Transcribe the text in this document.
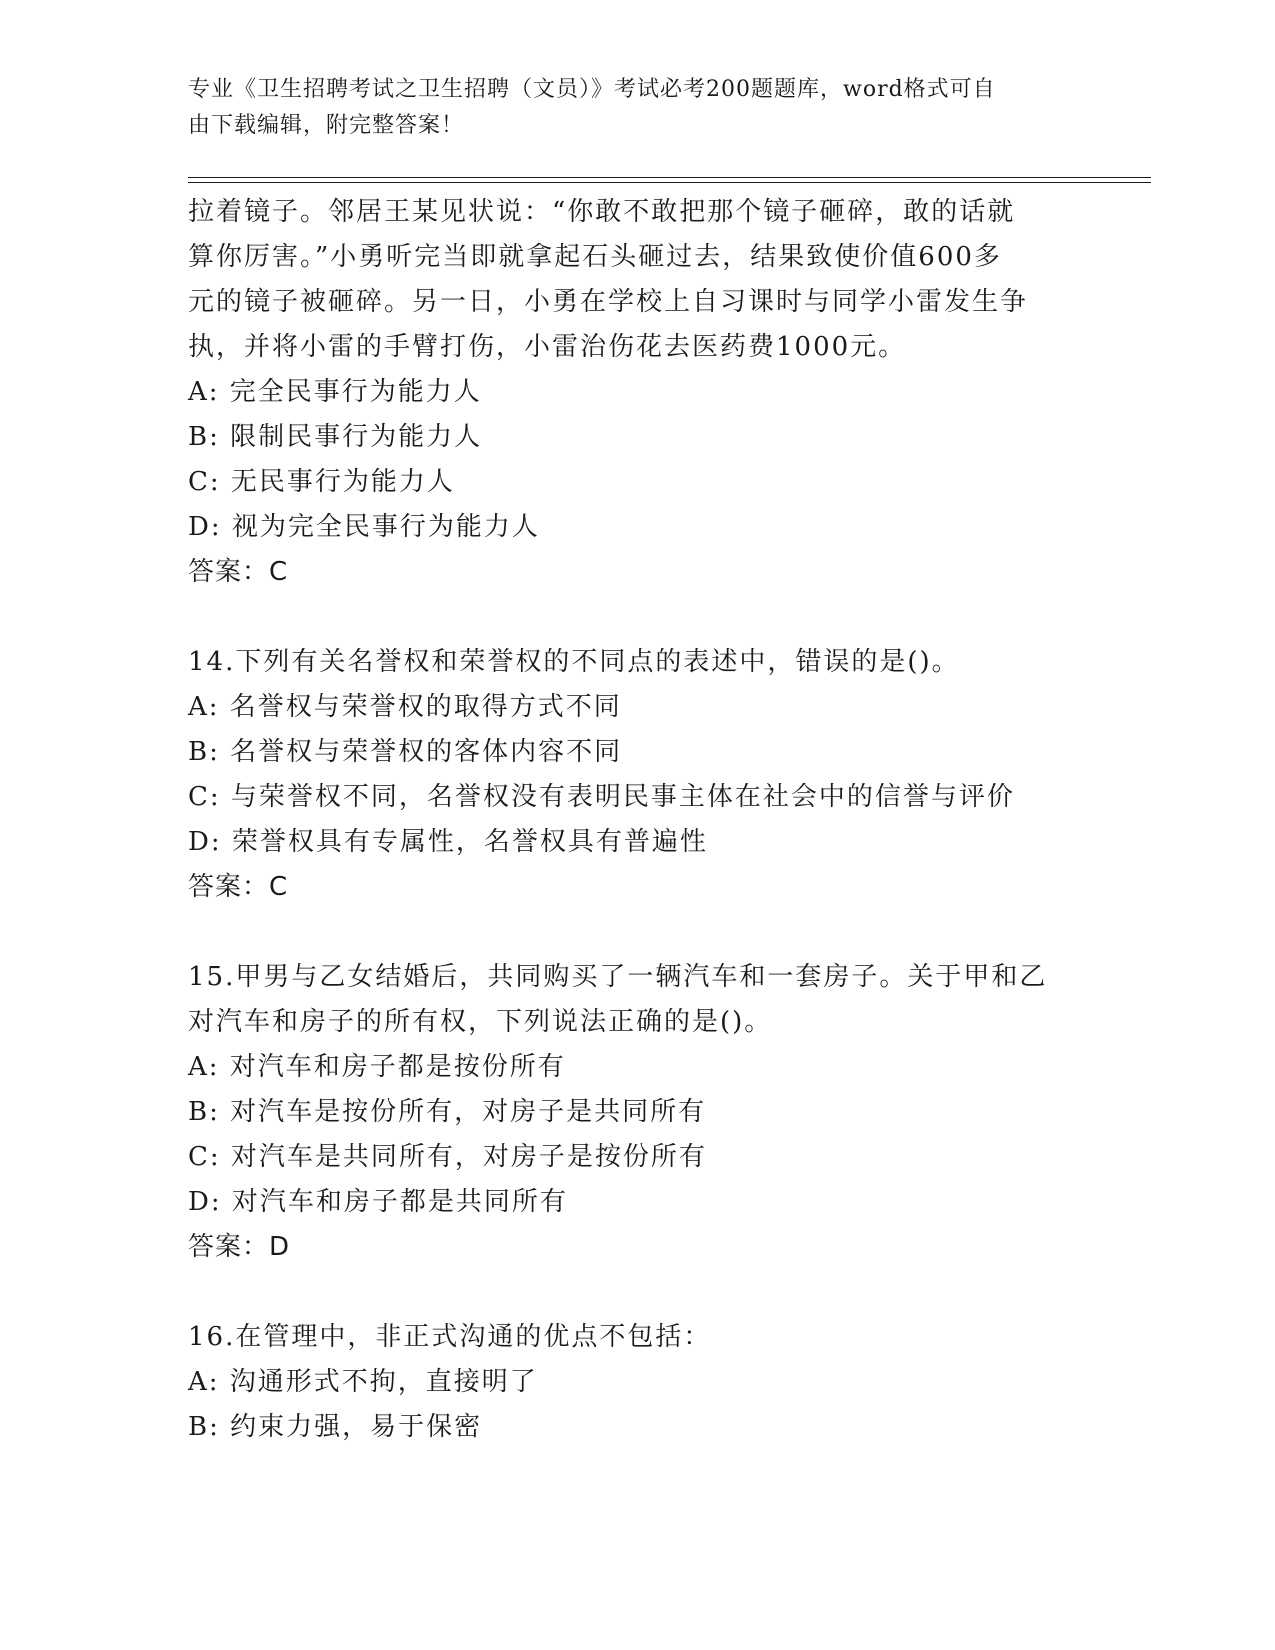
专业《卫生招聘考试之卫生招聘（文员）》考试必考200题题库，word格式可自
由下载编辑，附完整答案！

拉着镜子。邻居王某见状说：“你敢不敢把那个镜子砸碎，敢的话就

算你厉害。”小勇听完当即就拿起石头砸过去，结果致使价值600多

元的镜子被砸碎。另一日，小勇在学校上自习课时与同学小雷发生争

执，并将小雷的手臂打伤，小雷治伤花去医药费1000元。

A: 完全民事行为能力人

B: 限制民事行为能力人

C: 无民事行为能力人

D: 视为完全民事行为能力人

答案：C

14.下列有关名誉权和荣誉权的不同点的表述中，错误的是()。

A: 名誉权与荣誉权的取得方式不同

B: 名誉权与荣誉权的客体内容不同

C: 与荣誉权不同，名誉权没有表明民事主体在社会中的信誉与评价

D: 荣誉权具有专属性，名誉权具有普遍性

答案：C

15.甲男与乙女结婚后，共同购买了一辆汽车和一套房子。关于甲和乙

对汽车和房子的所有权，下列说法正确的是()。

A: 对汽车和房子都是按份所有

B: 对汽车是按份所有，对房子是共同所有

C: 对汽车是共同所有，对房子是按份所有

D: 对汽车和房子都是共同所有

答案：D

16.在管理中，非正式沟通的优点不包括：

A: 沟通形式不拘，直接明了

B: 约束力强，易于保密
